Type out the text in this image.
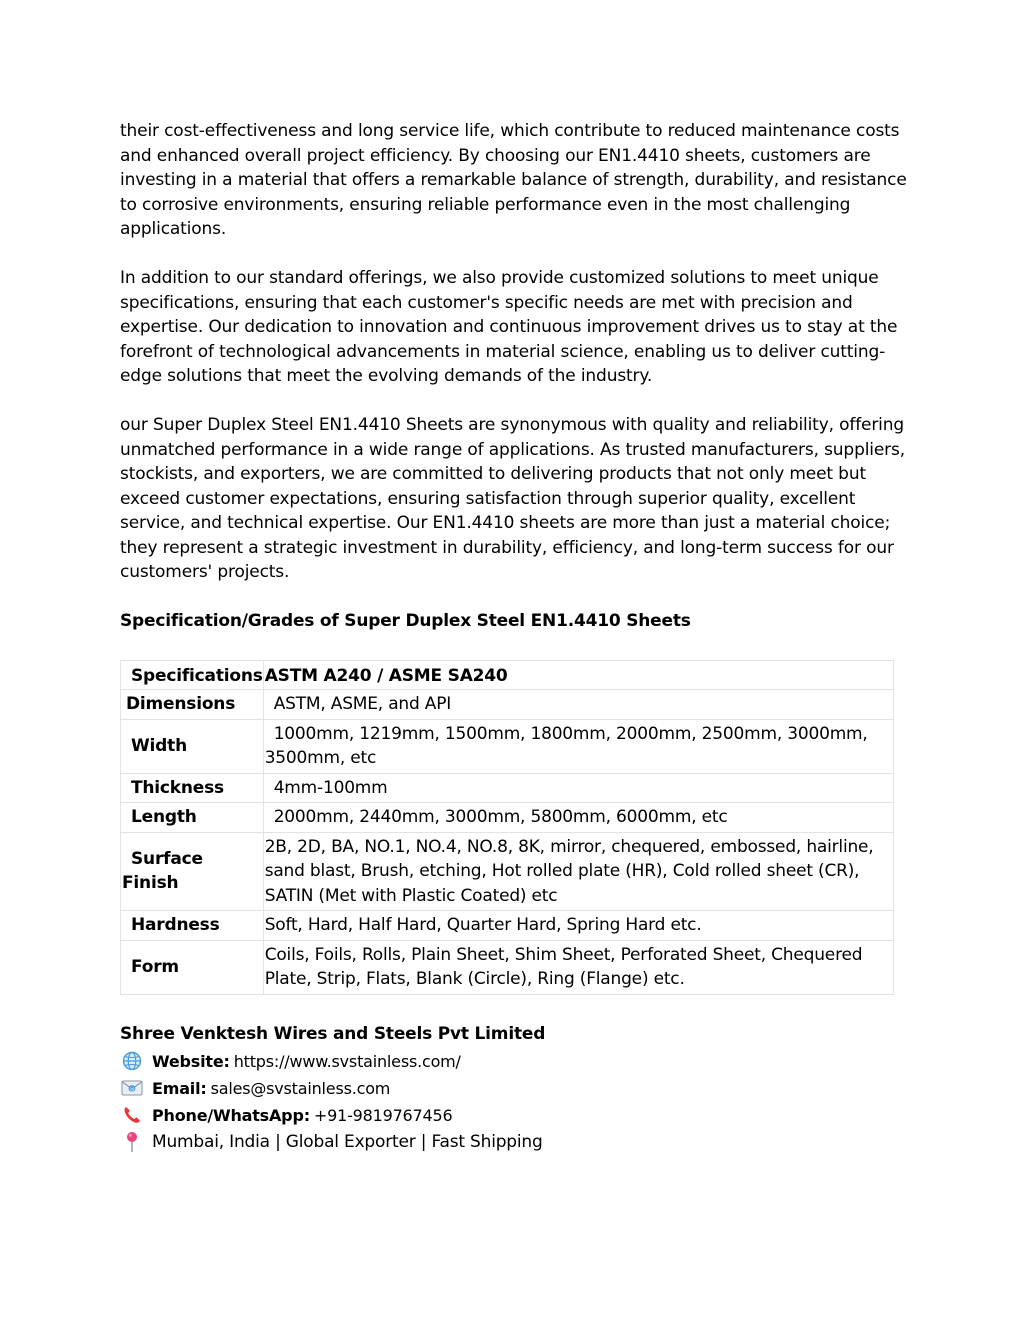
their cost-effectiveness and long service life, which contribute to reduced maintenance costs and enhanced overall project efficiency. By choosing our EN1.4410 sheets, customers are investing in a material that offers a remarkable balance of strength, durability, and resistance to corrosive environments, ensuring reliable performance even in the most challenging applications.

In addition to our standard offerings, we also provide customized solutions to meet unique specifications, ensuring that each customer's specific needs are met with precision and expertise. Our dedication to innovation and continuous improvement drives us to stay at the forefront of technological advancements in material science, enabling us to deliver cutting-edge solutions that meet the evolving demands of the industry.

our Super Duplex Steel EN1.4410 Sheets are synonymous with quality and reliability, offering unmatched performance in a wide range of applications. As trusted manufacturers, suppliers, stockists, and exporters, we are committed to delivering products that not only meet but exceed customer expectations, ensuring satisfaction through superior quality, excellent service, and technical expertise. Our EN1.4410 sheets are more than just a material choice; they represent a strategic investment in durability, efficiency, and long-term success for our customers' projects.

Specification/Grades of Super Duplex Steel EN1.4410 Sheets

Specifications	ASTM A240 / ASME SA240
Dimensions	ASTM, ASME, and API
Width	1000mm, 1219mm, 1500mm, 1800mm, 2000mm, 2500mm, 3000mm, 3500mm, etc
Thickness	4mm-100mm
Length	2000mm, 2440mm, 3000mm, 5800mm, 6000mm, etc
Surface Finish	2B, 2D, BA, NO.1, NO.4, NO.8, 8K, mirror, chequered, embossed, hairline, sand blast, Brush, etching, Hot rolled plate (HR), Cold rolled sheet (CR), SATIN (Met with Plastic Coated) etc
Hardness	Soft, Hard, Half Hard, Quarter Hard, Spring Hard etc.
Form	Coils, Foils, Rolls, Plain Sheet, Shim Sheet, Perforated Sheet, Chequered Plate, Strip, Flats, Blank (Circle), Ring (Flange) etc.
Shree Venktesh Wires and Steels Pvt Limited
Website: https://www.svstainless.com/
@ Email: sales@svstainless.com
Phone/WhatsApp: +91-9819767456
Mumbai, India | Global Exporter | Fast Shipping
